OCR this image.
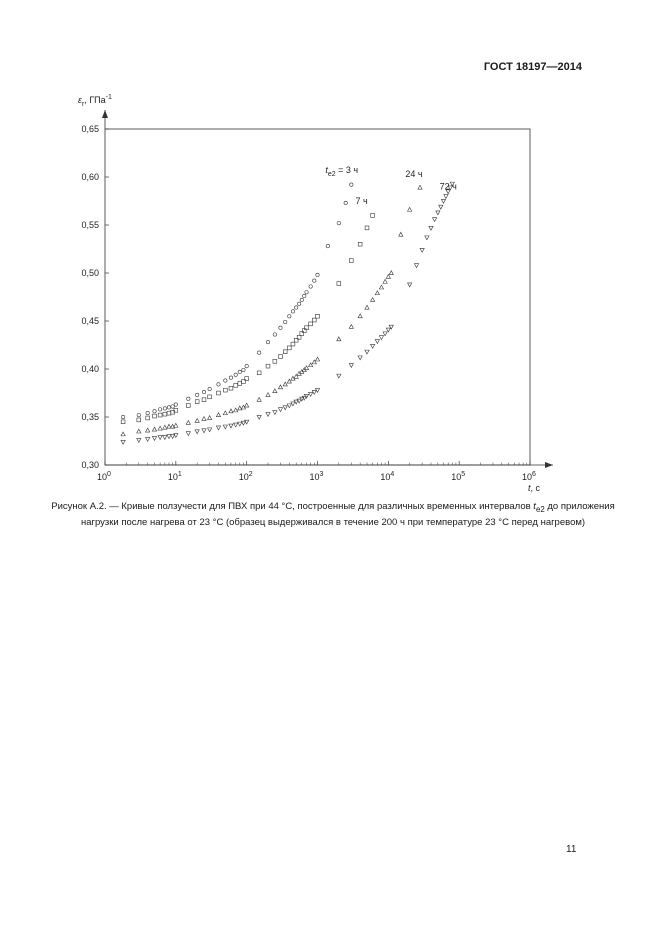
ГОСТ 18197—2014
$10^0$	$10^1$	$10^2$	$10^3$	$10^4$	$10^5$	$10^6$
0,30
0,35
0,40
0,45
0,50
0,55
0,60
0,65
$\varepsilon_r$, ГПа$^{-1}$
t, с
$t_{e2} = 3$ ч
7 ч
24 ч
72 ч
Рисунок А.2. — Кривые ползучести для ПВХ при 44 °С, построенные для различных временных интервалов $t_{e2}$ до приложения нагрузки после нагрева от 23 °С (образец выдерживался в течение 200 ч при температуре 23 °С перед нагревом)
11
